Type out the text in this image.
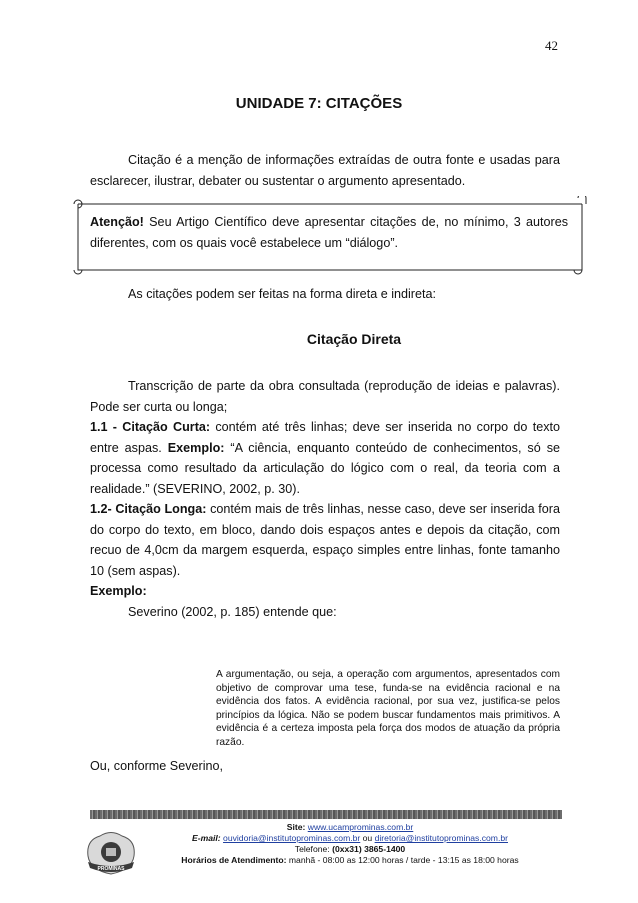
42
UNIDADE 7: CITAÇÕES
Citação é a menção de informações extraídas de outra fonte e usadas para esclarecer, ilustrar, debater ou sustentar o argumento apresentado.
Atenção! Seu Artigo Científico deve apresentar citações de, no mínimo, 3 autores diferentes, com os quais você estabelece um “diálogo”.
As citações podem ser feitas na forma direta e indireta:
Citação Direta
Transcrição de parte da obra consultada (reprodução de ideias e palavras). Pode ser curta ou longa;
1.1 - Citação Curta: contém até três linhas; deve ser inserida no corpo do texto entre aspas. Exemplo: “A ciência, enquanto conteúdo de conhecimentos, só se processa como resultado da articulação do lógico com o real, da teoria com a realidade.” (SEVERINO, 2002, p. 30).
1.2- Citação Longa: contém mais de três linhas, nesse caso, deve ser inserida fora do corpo do texto, em bloco, dando dois espaços antes e depois da citação, com recuo de 4,0cm da margem esquerda, espaço simples entre linhas, fonte tamanho 10 (sem aspas).
Exemplo:
Severino (2002, p. 185) entende que:
A argumentação, ou seja, a operação com argumentos, apresentados com objetivo de comprovar uma tese, funda-se na evidência racional e na evidência dos fatos. A evidência racional, por sua vez, justifica-se pelos princípios da lógica. Não se podem buscar fundamentos mais primitivos. A evidência é a certeza imposta pela força dos modos de atuação da própria razão.
Ou, conforme Severino,
PROMINAS
Site: www.ucamprominas.com.br
E-mail: ouvidoria@institutoprominas.com.br ou diretoria@institutoprominas.com.br
Telefone: (0xx31) 3865-1400
Horários de Atendimento: manhã - 08:00 as 12:00 horas / tarde - 13:15 as 18:00 horas
